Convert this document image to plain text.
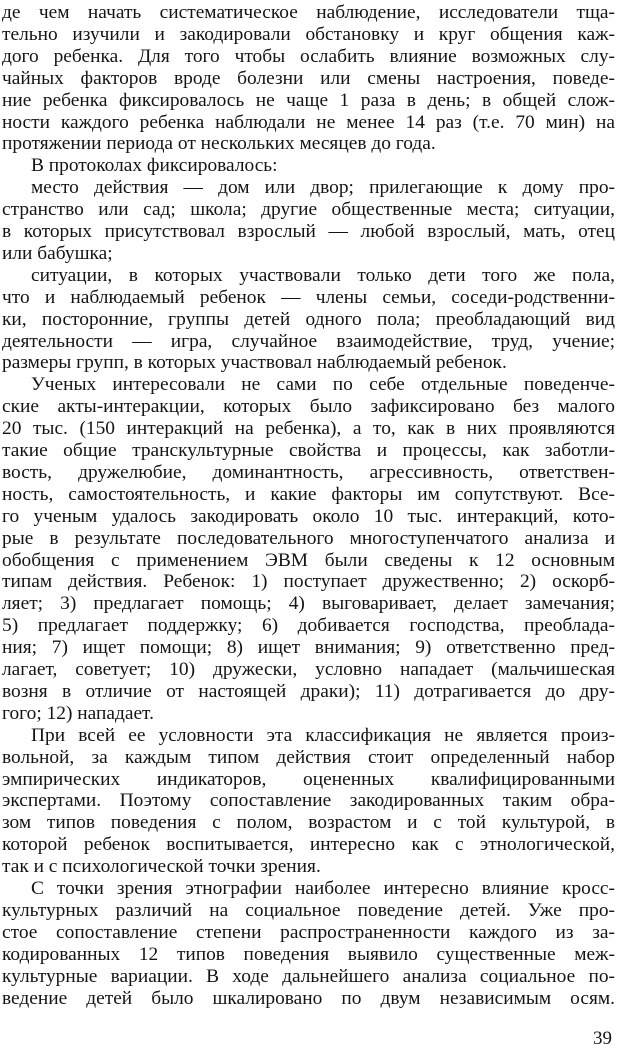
де чем начать систематическое наблюдение, исследователи тща-
тельно изучили и закодировали обстановку и круг общения каж-
дого ребенка. Для того чтобы ослабить влияние возможных слу-
чайных факторов вроде болезни или смены настроения, поведе-
ние ребенка фиксировалось не чаще 1 раза в день; в общей слож-
ности каждого ребенка наблюдали не менее 14 раз (т.е. 70 мин) на
протяжении периода от нескольких месяцев до года.
В протоколах фиксировалось:
место действия — дом или двор; прилегающие к дому про-
странство или сад; школа; другие общественные места; ситуации,
в которых присутствовал взрослый — любой взрослый, мать, отец
или бабушка;
ситуации, в которых участвовали только дети того же пола,
что и наблюдаемый ребенок — члены семьи, соседи-родственни-
ки, посторонние, группы детей одного пола; преобладающий вид
деятельности — игра, случайное взаимодействие, труд, учение;
размеры групп, в которых участвовал наблюдаемый ребенок.
Ученых интересовали не сами по себе отдельные поведенче-
ские акты-интеракции, которых было зафиксировано без малого
20 тыс. (150 интеракций на ребенка), а то, как в них проявляются
такие общие транскультурные свойства и процессы, как заботли-
вость, дружелюбие, доминантность, агрессивность, ответствен-
ность, самостоятельность, и какие факторы им сопутствуют. Все-
го ученым удалось закодировать около 10 тыс. интеракций, кото-
рые в результате последовательного многоступенчатого анализа и
обобщения с применением ЭВМ были сведены к 12 основным
типам действия. Ребенок: 1) поступает дружественно; 2) оскорб-
ляет; 3) предлагает помощь; 4) выговаривает, делает замечания;
5) предлагает поддержку; 6) добивается господства, преоблада-
ния; 7) ищет помощи; 8) ищет внимания; 9) ответственно пред-
лагает, советует; 10) дружески, условно нападает (мальчишеская
возня в отличие от настоящей драки); 11) дотрагивается до дру-
гого; 12) нападает.
При всей ее условности эта классификация не является произ-
вольной, за каждым типом действия стоит определенный набор
эмпирических индикаторов, оцененных квалифицированными
экспертами. Поэтому сопоставление закодированных таким обра-
зом типов поведения с полом, возрастом и с той культурой, в
которой ребенок воспитывается, интересно как с этнологической,
так и с психологической точки зрения.
С точки зрения этнографии наиболее интересно влияние кросс-
культурных различий на социальное поведение детей. Уже про-
стое сопоставление степени распространенности каждого из за-
кодированных 12 типов поведения выявило существенные меж-
культурные вариации. В ходе дальнейшего анализа социальное по-
ведение детей было шкалировано по двум независимым осям.
39
